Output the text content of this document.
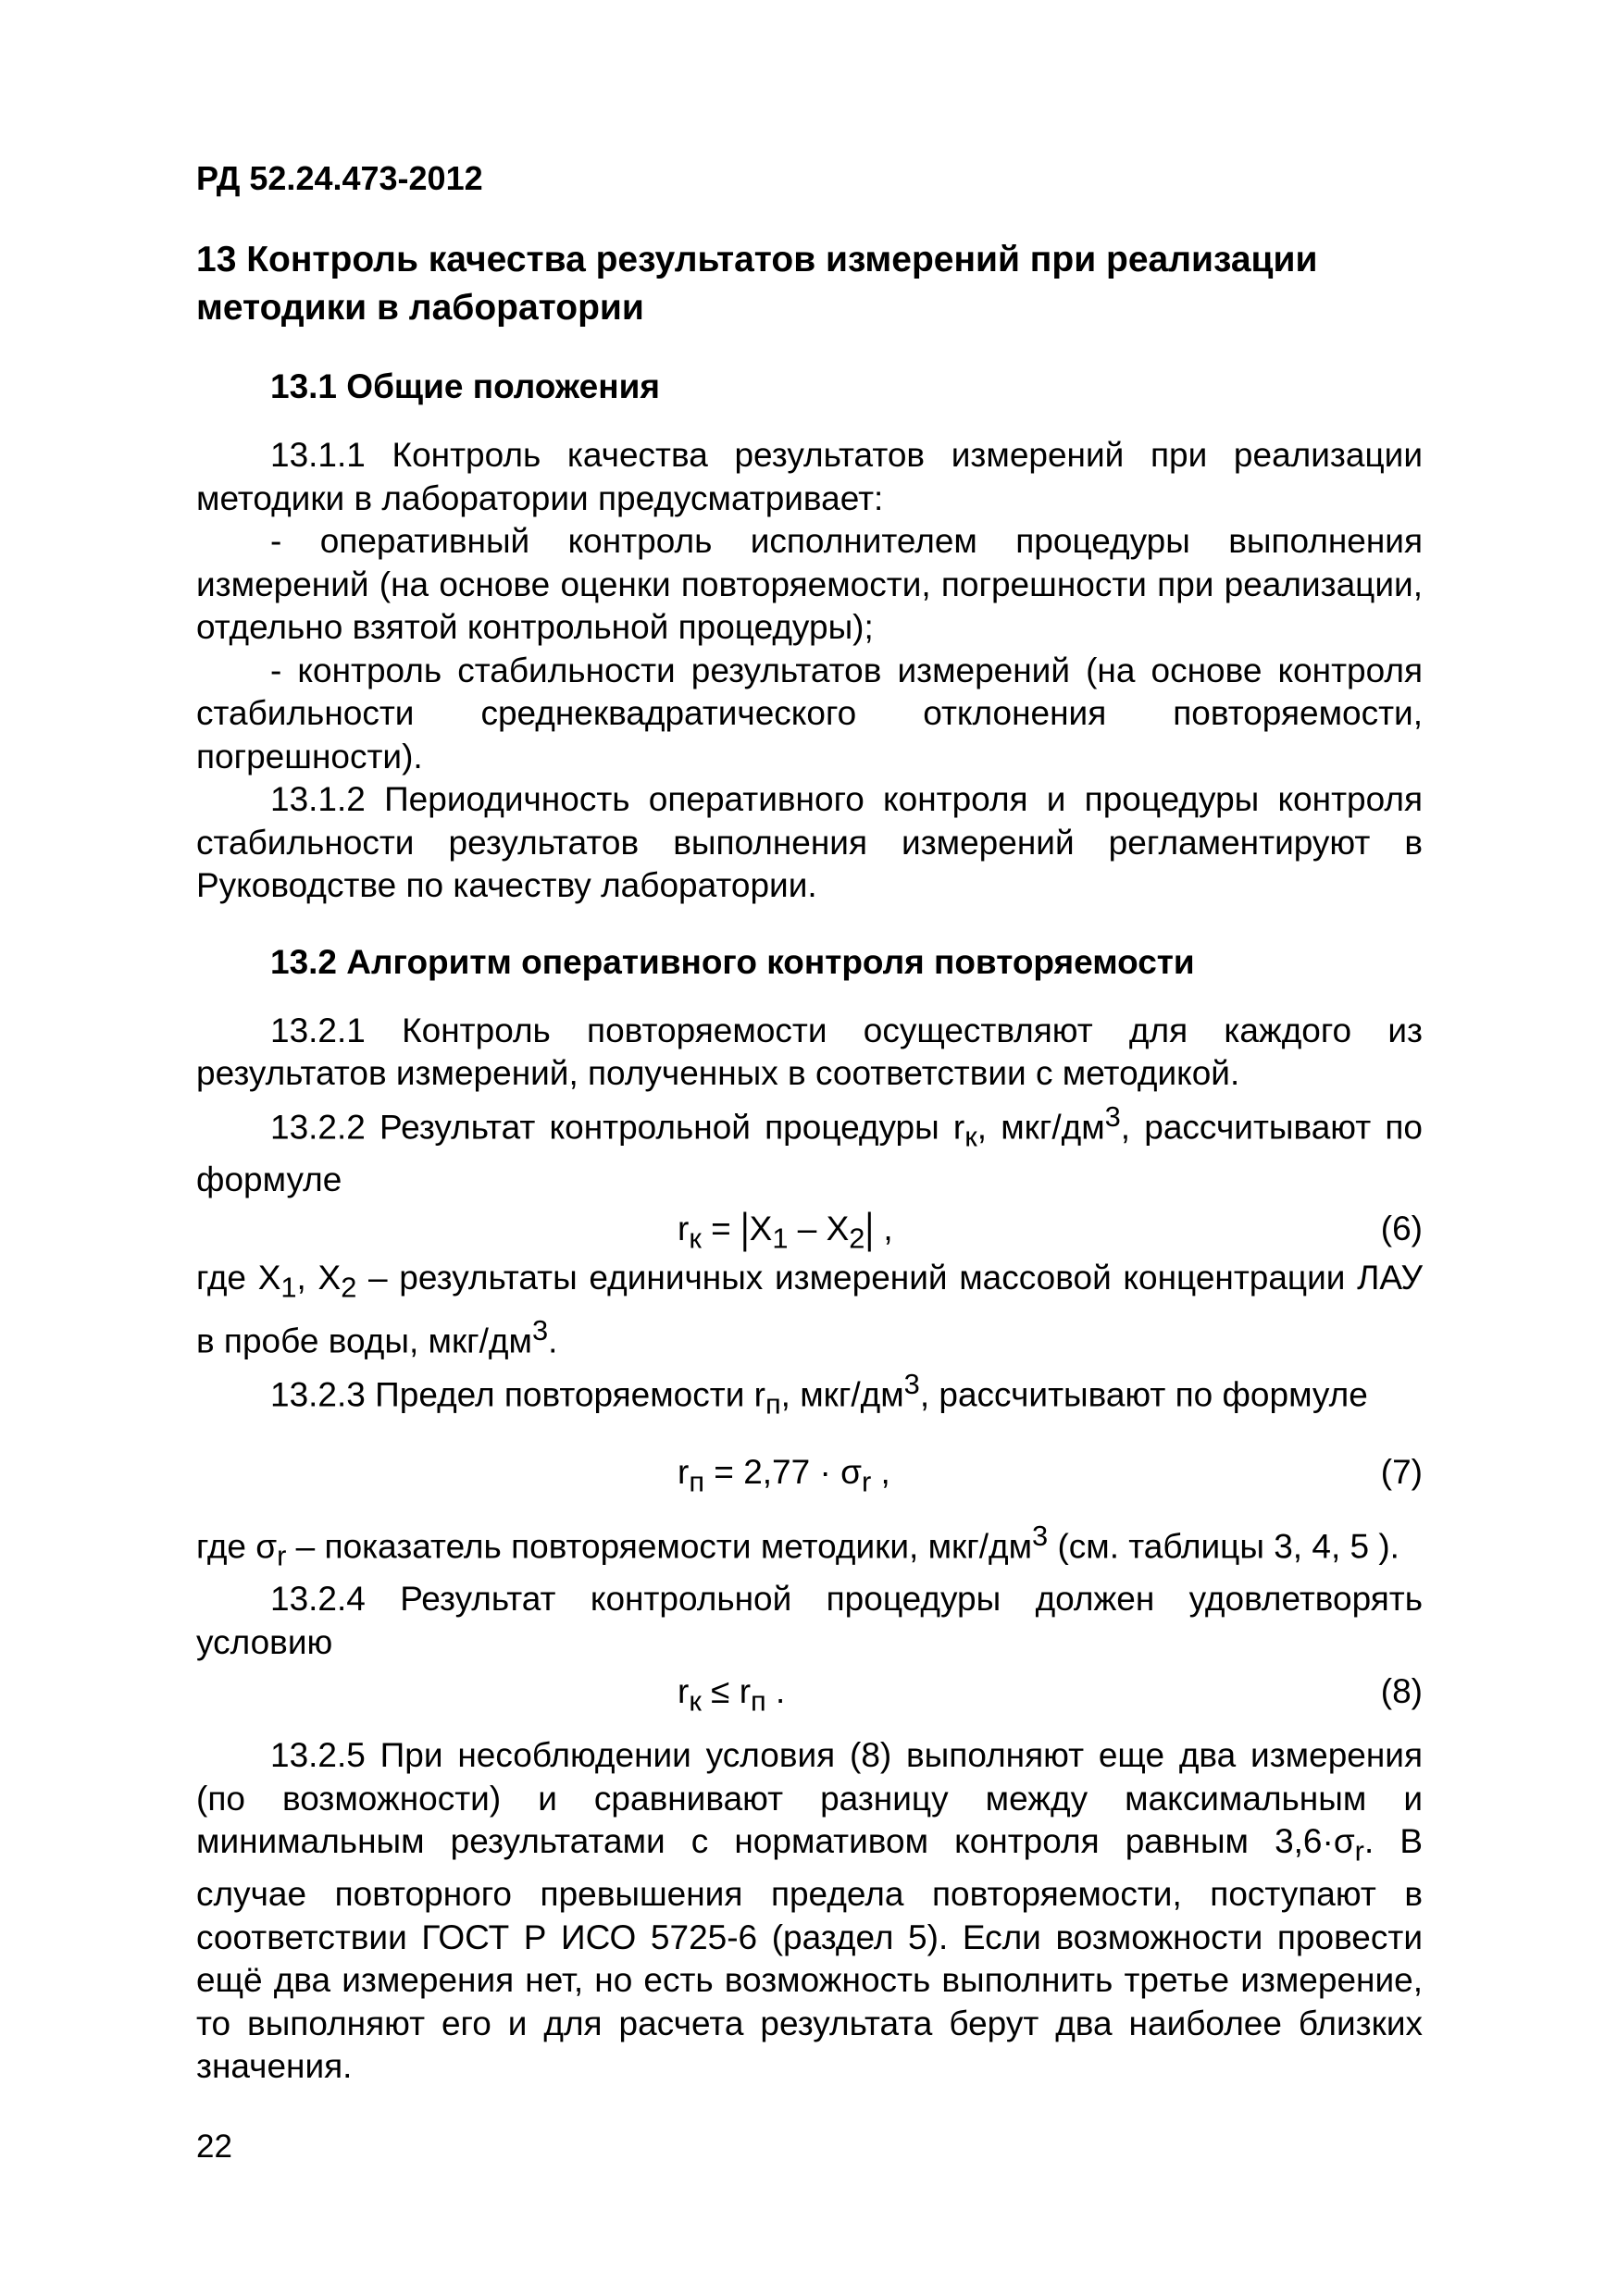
РД 52.24.473-2012
13 Контроль качества результатов измерений при реализации методики в лаборатории
13.1 Общие положения

13.1.1 Контроль качества результатов измерений при реализации методики в лаборатории предусматривает:

- оперативный контроль исполнителем процедуры выполнения измерений (на основе оценки повторяемости, погрешности при реализации, отдельно взятой контрольной процедуры);

- контроль стабильности результатов измерений (на основе контроля стабильности среднеквадратического отклонения повторяемости, погрешности).

13.1.2 Периодичность оперативного контроля и процедуры контроля стабильности результатов выполнения измерений регламентируют в Руководстве по качеству лаборатории.

13.2 Алгоритм оперативного контроля повторяемости

13.2.1 Контроль повторяемости осуществляют для каждого из результатов измерений, полученных в соответствии с методикой.

13.2.2 Результат контрольной процедуры $r_к$, мкг/$дм^3$, рассчитывают по формуле

$r_к = |X_1 - X_2|$ ,	(6)

где $X_1$, $X_2$ – результаты единичных измерений массовой концентрации ЛАУ в пробе воды, мкг/$дм^3$.

13.2.3 Предел повторяемости $r_п$, мкг/$дм^3$, рассчитывают по формуле

$r_п = 2,77 \cdot \sigma_r$ ,	(7)

где $\sigma_r$ – показатель повторяемости методики, мкг/$дм^3$ (см. таблицы 3, 4, 5 ).

13.2.4 Результат контрольной процедуры должен удовлетворять условию

$r_к \le r_п$ .	(8)

13.2.5 При несоблюдении условия (8) выполняют еще два измерения (по возможности) и сравнивают разницу между максимальным и минимальным результатами с нормативом контроля равным $3,6\cdot\sigma_r$. В случае повторного превышения предела повторяемости, поступают в соответствии ГОСТ Р ИСО 5725-6 (раздел 5). Если возможности провести ещё два измерения нет, но есть возможность выполнить третье измерение, то выполняют его и для расчета результата берут два наиболее близких значения.

22
